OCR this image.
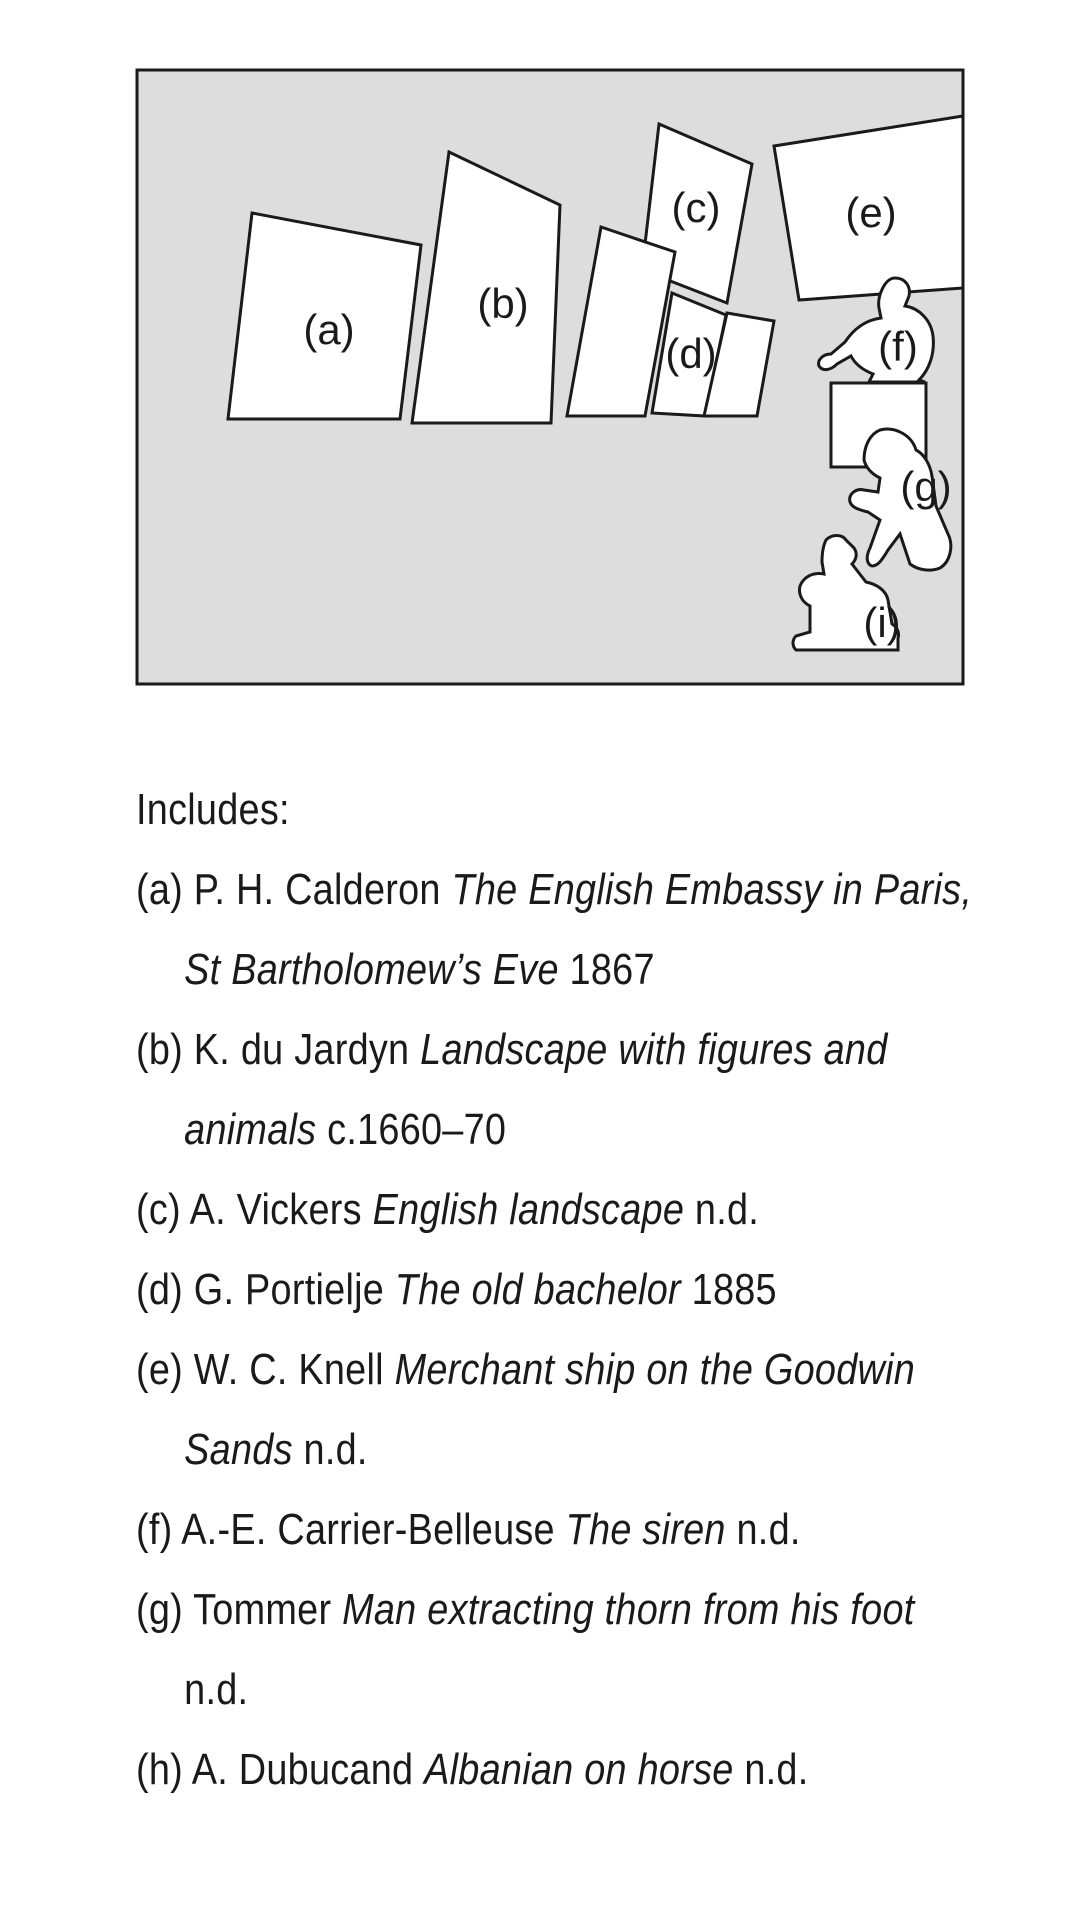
(a)
(b)
(c)
(d)
(e)
(f)
(g)
(i)

Includes:

(a) P. H. Calderon The English Embassy in Paris,
St Bartholomew’s Eve 1867
(b) K. du Jardyn Landscape with figures and
animals c.1660–70
(c) A. Vickers English landscape n.d.
(d) G. Portielje The old bachelor 1885
(e) W. C. Knell Merchant ship on the Goodwin
Sands n.d.
(f) A.-E. Carrier-Belleuse The siren n.d.
(g) Tommer Man extracting thorn from his foot
n.d.
(h) A. Dubucand Albanian on horse n.d.
